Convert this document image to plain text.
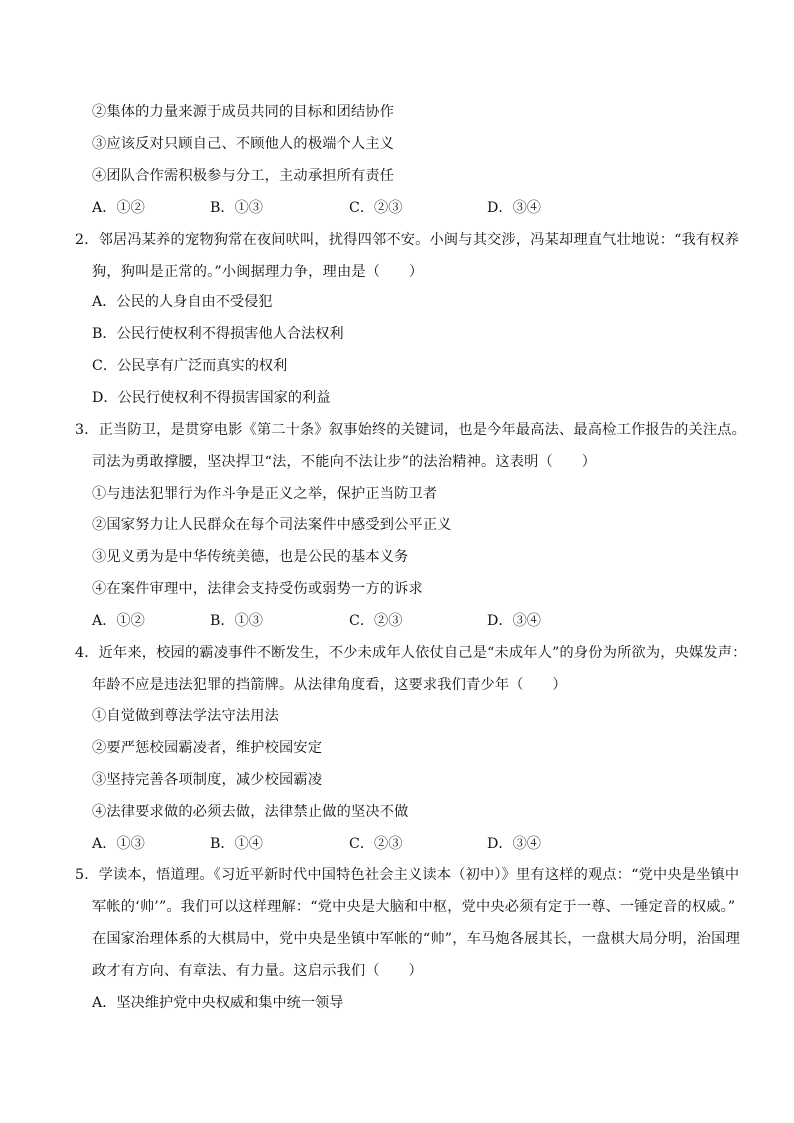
②集体的力量来源于成员共同的目标和团结协作
③应该反对只顾自己、不顾他人的极端个人主义
④团队合作需积极参与分工，主动承担所有责任
A．①②	B．①③	C．②③	D．③④
2．邻居冯某养的宠物狗常在夜间吠叫，扰得四邻不安。小闽与其交涉，冯某却理直气壮地说：“我有权养
狗，狗叫是正常的。”小闽据理力争，理由是（　　）
A．公民的人身自由不受侵犯
B．公民行使权利不得损害他人合法权利
C．公民享有广泛而真实的权利
D．公民行使权利不得损害国家的利益
3．正当防卫，是贯穿电影《第二十条》叙事始终的关键词，也是今年最高法、最高检工作报告的关注点。
司法为勇敢撑腰，坚决捍卫“法，不能向不法让步”的法治精神。这表明（　　）
①与违法犯罪行为作斗争是正义之举，保护正当防卫者
②国家努力让人民群众在每个司法案件中感受到公平正义
③见义勇为是中华传统美德，也是公民的基本义务
④在案件审理中，法律会支持受伤或弱势一方的诉求
A．①②	B．①③	C．②③	D．③④
4．近年来，校园的霸凌事件不断发生，不少未成年人依仗自己是“未成年人”的身份为所欲为，央媒发声：
年龄不应是违法犯罪的挡箭牌。从法律角度看，这要求我们青少年（　　）
①自觉做到尊法学法守法用法
②要严惩校园霸凌者，维护校园安定
③坚持完善各项制度，减少校园霸凌
④法律要求做的必须去做，法律禁止做的坚决不做
A．①③	B．①④	C．②③	D．③④
5．学读本，悟道理。《习近平新时代中国特色社会主义读本（初中）》里有这样的观点：“党中央是坐镇中
军帐的‘帅’”。我们可以这样理解：“党中央是大脑和中枢，党中央必须有定于一尊、一锤定音的权威。”
在国家治理体系的大棋局中，党中央是坐镇中军帐的“帅”，车马炮各展其长，一盘棋大局分明，治国理
政才有方向、有章法、有力量。这启示我们（　　）
A．坚决维护党中央权威和集中统一领导
